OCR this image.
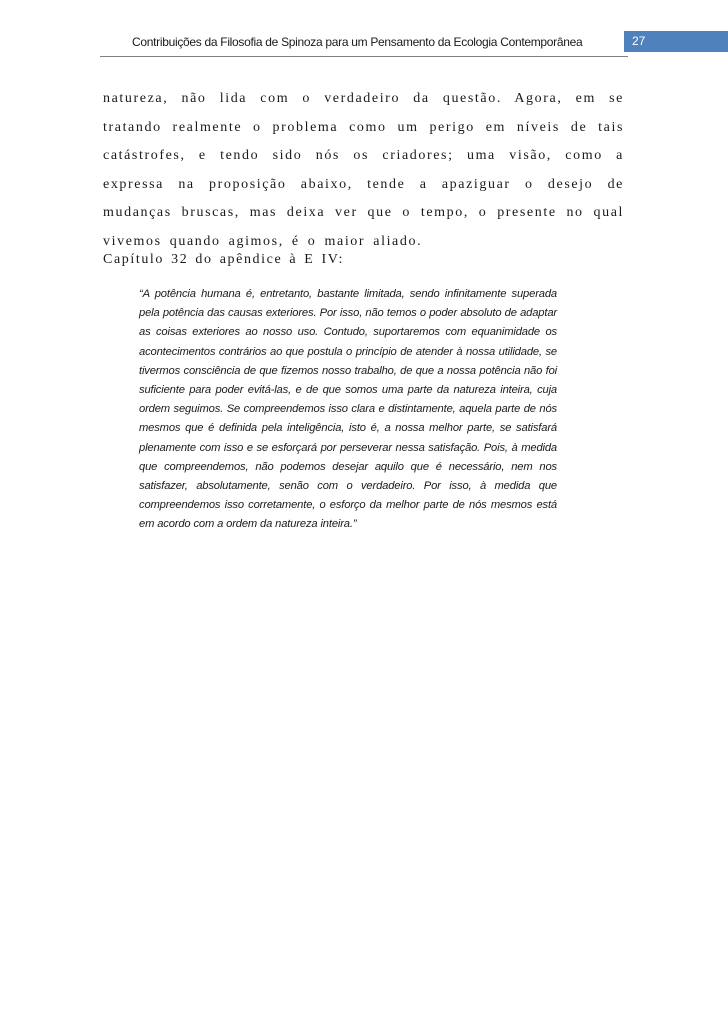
Contribuições da Filosofia de Spinoza para um Pensamento da Ecologia Contemporânea	27

natureza, não lida com o verdadeiro da questão. Agora, em se tratando realmente o problema como um perigo em níveis de tais catástrofes, e tendo sido nós os criadores; uma visão, como a expressa na proposição abaixo, tende a apaziguar o desejo de mudanças bruscas, mas deixa ver que o tempo, o presente no qual vivemos quando agimos, é o maior aliado.

Capítulo 32 do apêndice à E IV:

“A potência humana é, entretanto, bastante limitada, sendo infinitamente superada pela potência das causas exteriores. Por isso, não temos o poder absoluto de adaptar as coisas exteriores ao nosso uso. Contudo, suportaremos com equanimidade os acontecimentos contrários ao que postula o princípio de atender à nossa utilidade, se tivermos consciência de que fizemos nosso trabalho, de que a nossa potência não foi suficiente para poder evitá-las, e de que somos uma parte da natureza inteira, cuja ordem seguimos. Se compreendemos isso clara e distintamente, aquela parte de nós mesmos que é definida pela inteligência, isto é, a nossa melhor parte, se satisfará plenamente com isso e se esforçará por perseverar nessa satisfação. Pois, à medida que compreendemos, não podemos desejar aquilo que é necessário, nem nos satisfazer, absolutamente, senão com o verdadeiro. Por isso, à medida que compreendemos isso corretamente, o esforço da melhor parte de nós mesmos está em acordo com a ordem da natureza inteira.”
